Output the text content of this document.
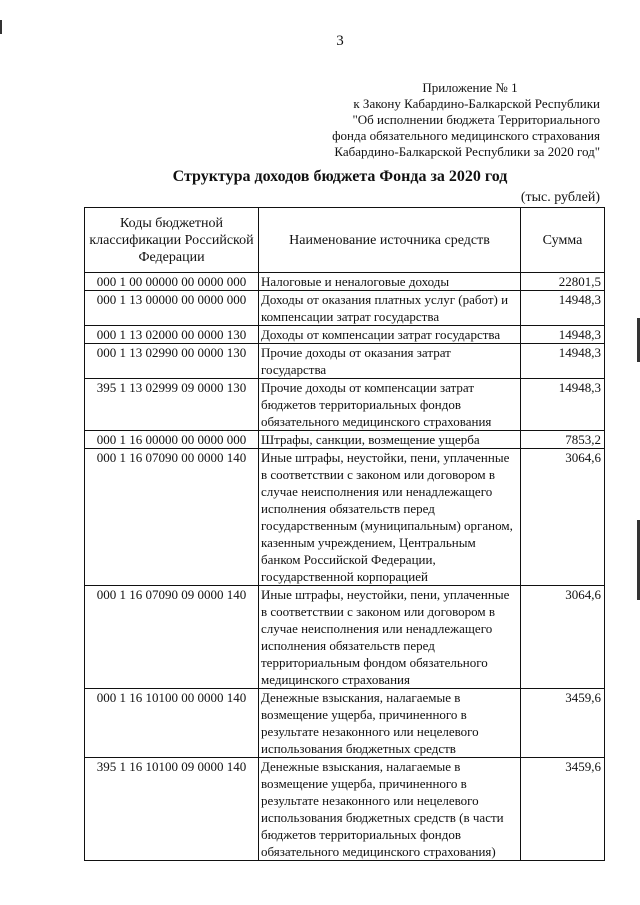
3
Приложение № 1
к Закону Кабардино-Балкарской Республики
"Об исполнении бюджета Территориального
фонда обязательного медицинского страхования
Кабардино-Балкарской Республики за 2020 год"
Структура доходов бюджета Фонда за 2020 год
(тыс. рублей)
Коды бюджетной классификации Российской Федерации	Наименование источника средств	Сумма
000 1 00 00000 00 0000 000	Налоговые и неналоговые доходы	22801,5
000 1 13 00000 00 0000 000	Доходы от оказания платных услуг (работ) и компенсации затрат государства	14948,3
000 1 13 02000 00 0000 130	Доходы от компенсации затрат государства	14948,3
000 1 13 02990 00 0000 130	Прочие доходы от оказания затрат государства	14948,3
395 1 13 02999 09 0000 130	Прочие доходы от компенсации затрат бюджетов территориальных фондов обязательного медицинского страхования	14948,3
000 1 16 00000 00 0000 000	Штрафы, санкции, возмещение ущерба	7853,2
000 1 16 07090 00 0000 140	Иные штрафы, неустойки, пени, уплаченные в соответствии с законом или договором в случае неисполнения или ненадлежащего исполнения обязательств перед государственным (муниципальным) органом, казенным учреждением, Центральным банком Российской Федерации, государственной корпорацией	3064,6
000 1 16 07090 09 0000 140	Иные штрафы, неустойки, пени, уплаченные в соответствии с законом или договором в случае неисполнения или ненадлежащего исполнения обязательств перед территориальным фондом обязательного медицинского страхования	3064,6
000 1 16 10100 00 0000 140	Денежные взыскания, налагаемые в возмещение ущерба, причиненного в результате незаконного или нецелевого использования бюджетных средств	3459,6
395 1 16 10100 09 0000 140	Денежные взыскания, налагаемые в возмещение ущерба, причиненного в результате незаконного или нецелевого использования бюджетных средств (в части бюджетов территориальных фондов обязательного медицинского страхования)	3459,6
